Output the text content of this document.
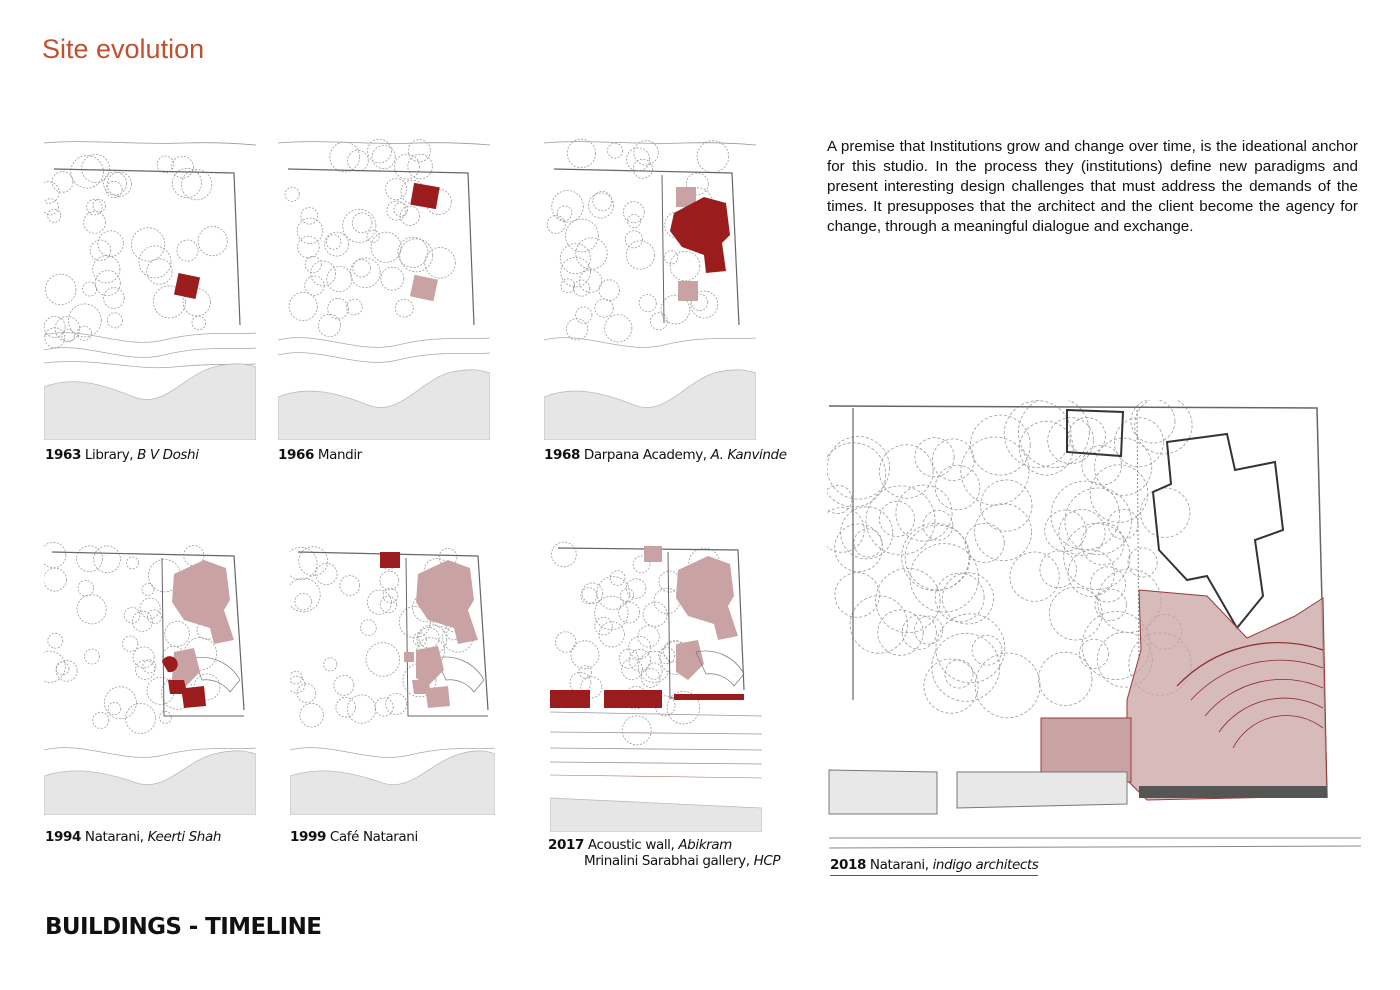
Site evolution
A premise that Institutions grow and change over time, is the ideational anchor for this studio. In the process they (institutions) define new paradigms and present interesting design challenges that must address the demands of the times. It presupposes that the architect and the client become the agency for change, through a meaningful dialogue and exchange.
1963 Library, B V Doshi	1966 Mandir	1968 Darpana Academy, A. Kanvinde
1994 Natarani, Keerti Shah	1999 Café Natarani	2017 Acoustic wall, Abikram
Mrinalini Sarabhai gallery, HCP	2018 Natarani, indigo architects
BUILDINGS - TIMELINE
